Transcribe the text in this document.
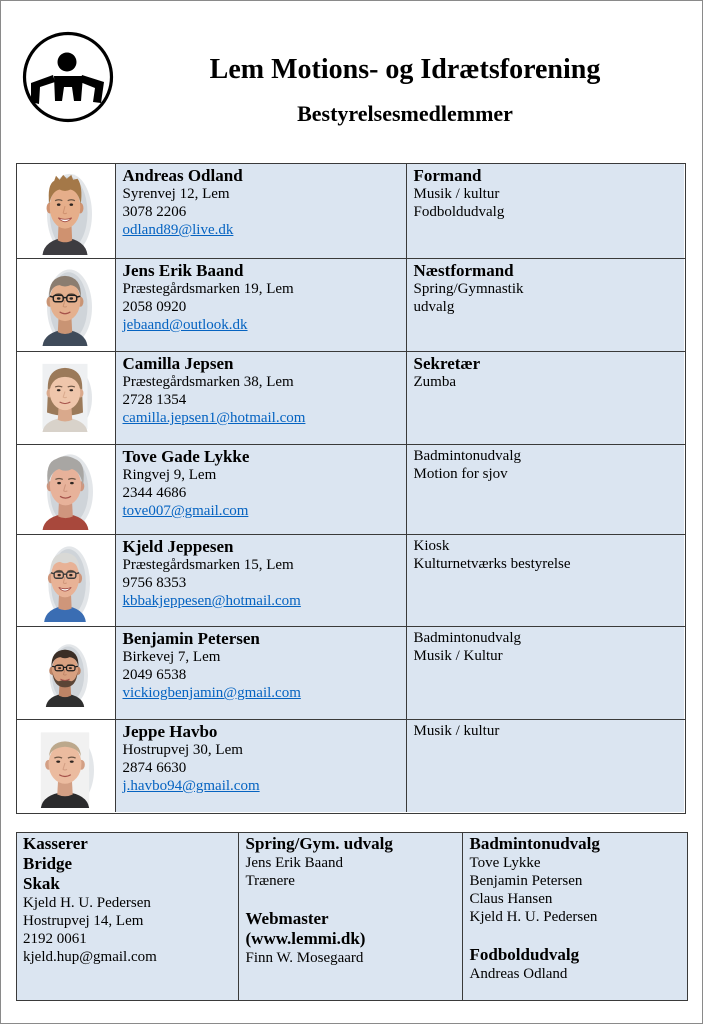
Lem Motions- og Idrætsforening
Bestyrelsesmedlemmer
Andreas Odland
Syrenvej 12, Lem
3078 2206
odland89@live.dk
Formand
Musik / kultur
Fodboldudvalg
Jens Erik Baand
Præstegårdsmarken 19, Lem
2058 0920
jebaand@outlook.dk
Næstformand
Spring/Gymnastik
udvalg
Camilla Jepsen
Præstegårdsmarken 38, Lem
2728 1354
camilla.jepsen1@hotmail.com
Sekretær
Zumba
Tove Gade Lykke
Ringvej 9, Lem
2344 4686
tove007@gmail.com
Badmintonudvalg
Motion for sjov
Kjeld Jeppesen
Præstegårdsmarken 15, Lem
9756 8353
kbbakjeppesen@hotmail.com
Kiosk
Kulturnetværks bestyrelse
Benjamin Petersen
Birkevej 7, Lem
2049 6538
vickiogbenjamin@gmail.com
Badmintonudvalg
Musik / Kultur
Jeppe Havbo
Hostrupvej 30, Lem
2874 6630
j.havbo94@gmail.com
Musik / kultur
Kasserer
Bridge
Skak
Kjeld H. U. Pedersen
Hostrupvej 14, Lem
2192 0061
kjeld.hup@gmail.com
Spring/Gym. udvalg
Jens Erik Baand
Trænere
Webmaster
(www.lemmi.dk)
Finn W. Mosegaard
Badmintonudvalg
Tove Lykke
Benjamin Petersen
Claus Hansen
Kjeld H. U. Pedersen
Fodboldudvalg
Andreas Odland
